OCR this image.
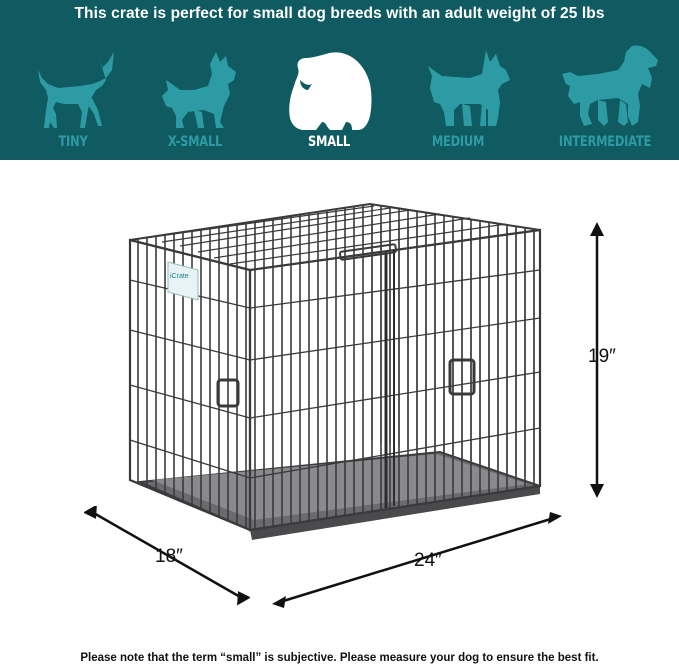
This crate is perfect for small dog breeds with an adult weight of 25 lbs
TINY	X-SMALL	SMALL	MEDIUM	INTERMEDIATE
iCrate
19″
18″	24″
Please note that the term “small” is subjective. Please measure your dog to ensure the best fit.
